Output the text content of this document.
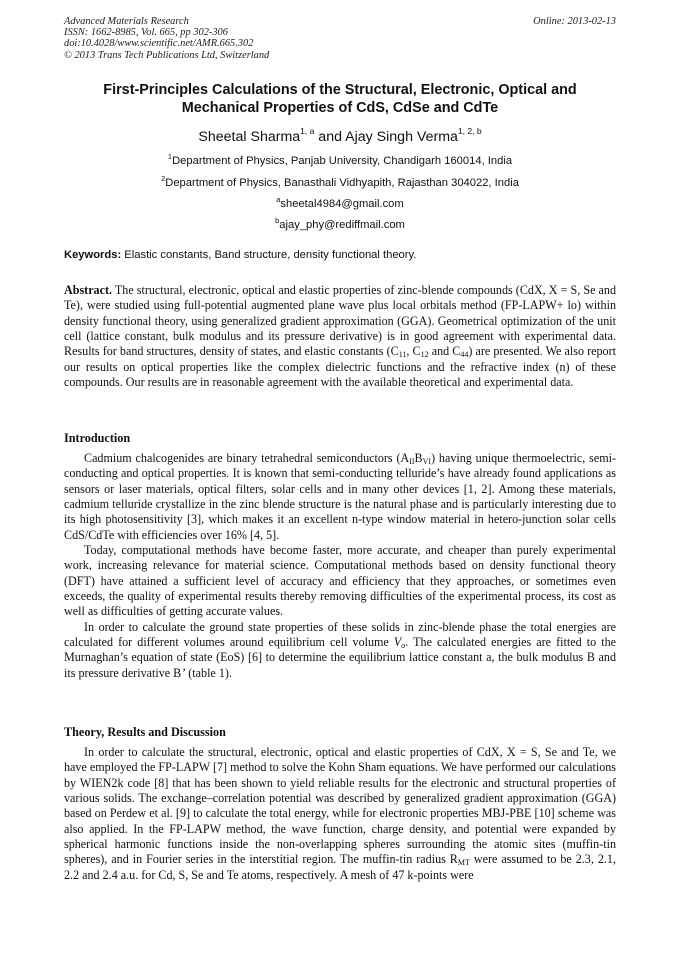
Advanced Materials Research
ISSN: 1662-8985, Vol. 665, pp 302-306
doi:10.4028/www.scientific.net/AMR.665.302
© 2013 Trans Tech Publications Ltd, Switzerland
Online: 2013-02-13
First-Principles Calculations of the Structural, Electronic, Optical and
Mechanical Properties of CdS, CdSe and CdTe
Sheetal Sharma$^{1, a}$ and Ajay Singh Verma$^{1, 2, b}$
$^1$Department of Physics, Panjab University, Chandigarh 160014, India
$^2$Department of Physics, Banasthali Vidhyapith, Rajasthan 304022, India
$^a$sheetal4984@gmail.com
$^b$ajay_phy@rediffmail.com
Keywords: Elastic constants, Band structure, density functional theory.
Abstract. The structural, electronic, optical and elastic properties of zinc-blende compounds (CdX, X = S, Se and Te), were studied using full-potential augmented plane wave plus local orbitals method (FP-LAPW+ lo) within density functional theory, using generalized gradient approximation (GGA). Geometrical optimization of the unit cell (lattice constant, bulk modulus and its pressure derivative) is in good agreement with experimental data. Results for band structures, density of states, and elastic constants ($C_{11}$, $C_{12}$ and $C_{44}$) are presented. We also report our results on optical properties like the complex dielectric functions and the refractive index (n) of these compounds. Our results are in reasonable agreement with the available theoretical and experimental data.
Introduction

Cadmium chalcogenides are binary tetrahedral semiconductors $(A_{II}B_{VI})$ having unique thermoelectric, semi-conducting and optical properties. It is known that semi-conducting telluride’s have already found applications as sensors or laser materials, optical filters, solar cells and in many other devices [1, 2]. Among these materials, cadmium telluride crystallize in the zinc blende structure is the natural phase and is particularly interesting due to its high photosensitivity [3], which makes it an excellent n-type window material in hetero-junction solar cells CdS/CdTe with efficiencies over 16% [4, 5].

Today, computational methods have become faster, more accurate, and cheaper than purely experimental work, increasing relevance for material science. Computational methods based on density functional theory (DFT) have attained a sufficient level of accuracy and efficiency that they approaches, or sometimes even exceeds, the quality of experimental results thereby removing difficulties of the experimental process, its cost as well as difficulties of getting accurate values.

In order to calculate the ground state properties of these solids in zinc-blende phase the total energies are calculated for different volumes around equilibrium cell volume $V_o$. The calculated energies are fitted to the Murnaghan’s equation of state (EoS) [6] to determine the equilibrium lattice constant a, the bulk modulus B and its pressure derivative B’ (table 1).

Theory, Results and Discussion

In order to calculate the structural, electronic, optical and elastic properties of CdX, X = S, Se and Te, we have employed the FP-LAPW [7] method to solve the Kohn Sham equations. We have performed our calculations by WIEN2k code [8] that has been shown to yield reliable results for the electronic and structural properties of various solids. The exchange–correlation potential was described by generalized gradient approximation (GGA) based on Perdew et al. [9] to calculate the total energy, while for electronic properties MBJ-PBE [10] scheme was also applied. In the FP-LAPW method, the wave function, charge density, and potential were expanded by spherical harmonic functions inside the non-overlapping spheres surrounding the atomic sites (muffin-tin spheres), and in Fourier series in the interstitial region. The muffin-tin radius $R_{MT}$ were assumed to be 2.3, 2.1, 2.2 and 2.4 a.u. for Cd, S, Se and Te atoms, respectively. A mesh of 47 k-points were
